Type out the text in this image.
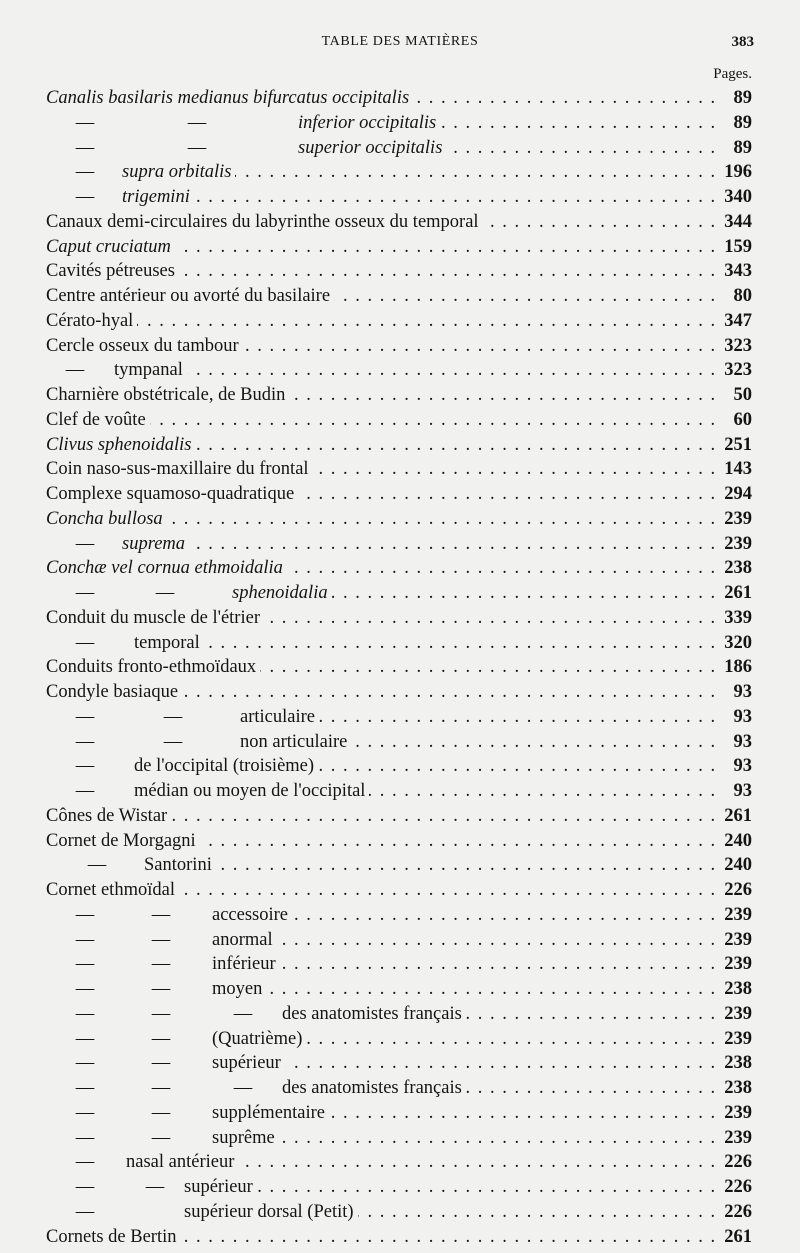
TABLE DES MATIÈRES	383
Pages.
. . .
Canalis basilaris medianus bifurcatus occipitalis	89
. . .
—	—	inferior occipitalis	89
. . .
—	—	superior occipitalis	89
. . .
— supra orbitalis	196
. . .
— trigemini	340
. . .
Canaux demi-circulaires du labyrinthe osseux du temporal	344
. . .
Caput cruciatum	159
. . .
Cavités pétreuses	343
. . .
Centre antérieur ou avorté du basilaire	80
. . .
Cérato-hyal	347
. . .
Cercle osseux du tambour	323
. . .
— tympanal	323
. . .
Charnière obstétricale, de Budin	50
. . .
Clef de voûte	60
. . .
Clivus sphenoidalis	251
. . .
Coin naso-sus-maxillaire du frontal	143
. . .
Complexe squamoso-quadratique	294
. . .
Concha bullosa	239
. . .
— suprema	239
. . .
Conchæ vel cornua ethmoidalia	238
. . .
—	—	sphenoidalia	261
. . .
Conduit du muscle de l'étrier	339
. . .
— temporal	320
. . .
Conduits fronto-ethmoïdaux	186
. . .
Condyle basiaque	93
. . .
—	—	articulaire	93
. . .
—	—	non articulaire	93
. . .
— de l'occipital (troisième)	93
. . .
— médian ou moyen de l'occipital	93
. . .
Cônes de Wistar	261
. . .
Cornet de Morgagni	240
. . .
— Santorini	240
. . .
Cornet ethmoïdal	226
. . .
—	— accessoire	239
. . .
—	— anormal	239
. . .
—	— inférieur	239
. . .
—	— moyen	238
. . .
—	—	— des anatomistes français	239
. . .
—	— (Quatrième)	239
. . .
—	— supérieur	238
. . .
—	—	— des anatomistes français	238
. . .
—	— supplémentaire	239
. . .
—	— suprême	239
. . .
— nasal antérieur	226
. . .
—	— supérieur	226
. . .
—	supérieur dorsal (Petit)	226
. . .
Cornets de Bertin	261
